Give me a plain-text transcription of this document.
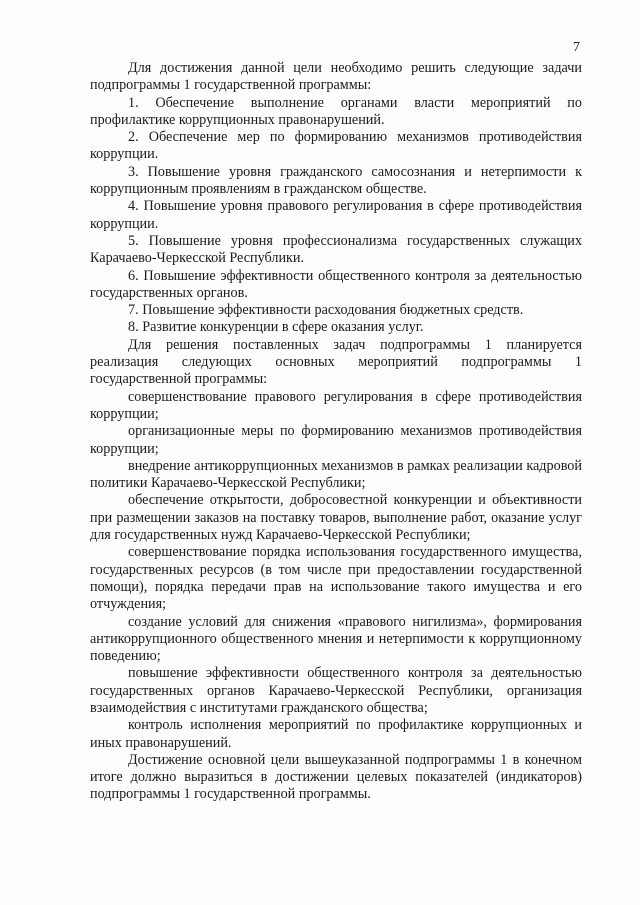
7

Для достижения данной цели необходимо решить следующие задачи подпрограммы 1 государственной программы:

1. Обеспечение выполнение органами власти мероприятий по профилактике коррупционных правонарушений.

2. Обеспечение мер по формированию механизмов противодействия коррупции.

3. Повышение уровня гражданского самосознания и нетерпимости к коррупционным проявлениям в гражданском обществе.

4. Повышение уровня правового регулирования в сфере противодействия коррупции.

5. Повышение уровня профессионализма государственных служащих Карачаево-Черкесской Республики.

6. Повышение эффективности общественного контроля за деятельностью государственных органов.

7. Повышение эффективности расходования бюджетных средств.

8. Развитие конкуренции в сфере оказания услуг.

Для решения поставленных задач подпрограммы 1 планируется реализация следующих основных мероприятий подпрограммы 1 государственной программы:

совершенствование правового регулирования в сфере противодействия коррупции;

организационные меры по формированию механизмов противодействия коррупции;

внедрение антикоррупционных механизмов в рамках реализации кадровой политики Карачаево-Черкесской Республики;

обеспечение открытости, добросовестной конкуренции и объективности при размещении заказов на поставку товаров, выполнение работ, оказание услуг для государственных нужд Карачаево-Черкесской Республики;

совершенствование порядка использования государственного имущества, государственных ресурсов (в том числе при предоставлении государственной помощи), порядка передачи прав на использование такого имущества и его отчуждения;

создание условий для снижения «правового нигилизма», формирования антикоррупционного общественного мнения и нетерпимости к коррупционному поведению;

повышение эффективности общественного контроля за деятельностью государственных органов Карачаево-Черкесской Республики, организация взаимодействия с институтами гражданского общества;

контроль исполнения мероприятий по профилактике коррупционных и иных правонарушений.

Достижение основной цели вышеуказанной подпрограммы 1 в конечном итоге должно выразиться в достижении целевых показателей (индикаторов) подпрограммы 1 государственной программы.
